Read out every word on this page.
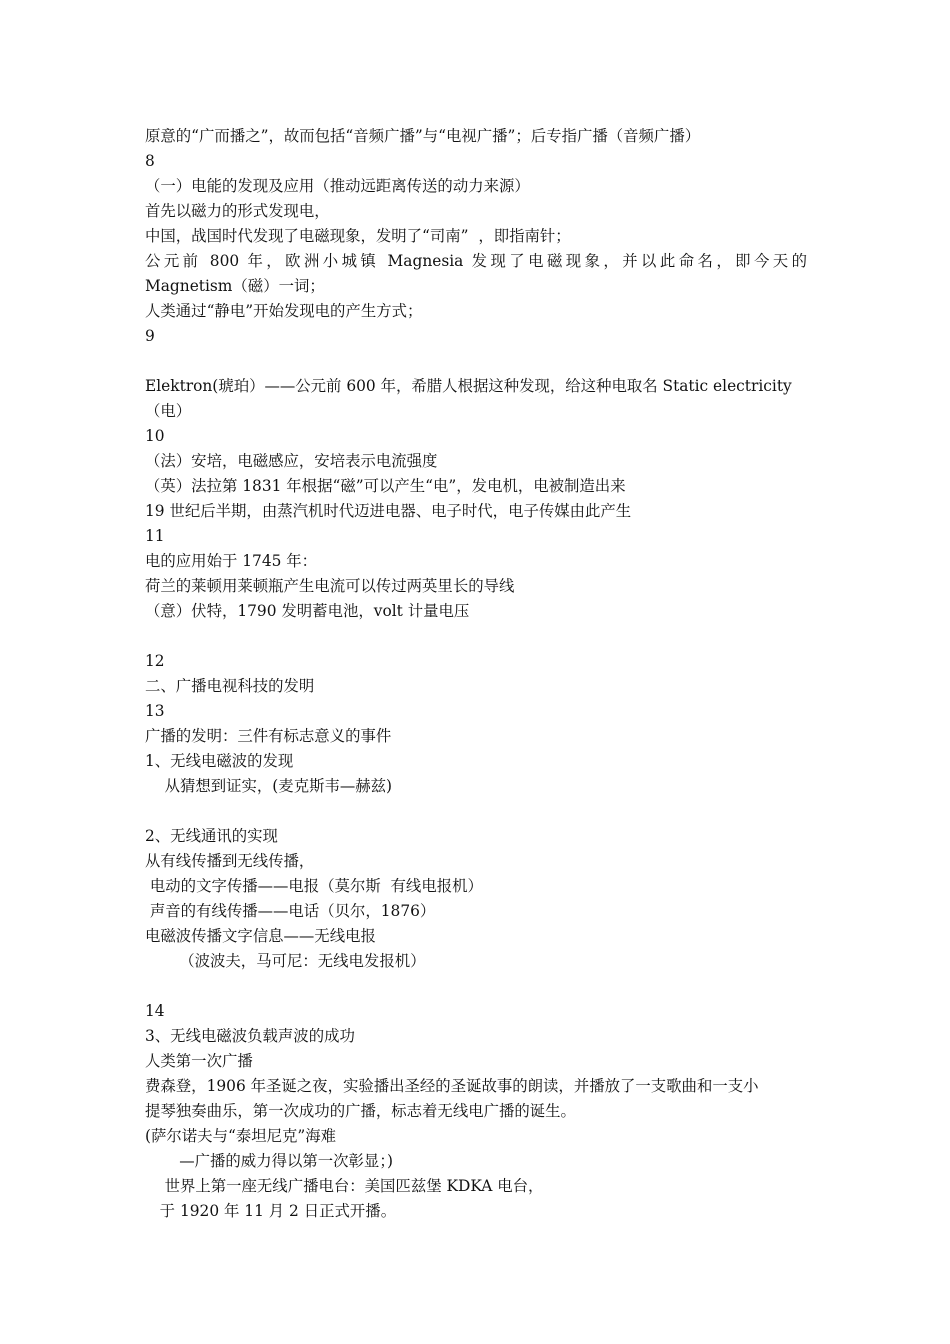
原意的“广而播之”，故而包括“音频广播”与“电视广播”；后专指广播（音频广播）
8
（一）电能的发现及应用（推动远距离传送的动力来源）
首先以磁力的形式发现电，
中国，战国时代发现了电磁现象，发明了“司南”  ，即指南针；
公元前 800 年，欧洲小城镇 Magnesia 发现了电磁现象，并以此命名，即今天的
Magnetism（磁）一词；
人类通过“静电”开始发现电的产生方式；
9
Elektron(琥珀）——公元前 600 年，希腊人根据这种发现，给这种电取名 Static electricity
（电）
10
（法）安培，电磁感应，安培表示电流强度
（英）法拉第 1831 年根据“磁”可以产生“电”，发电机，电被制造出来
19 世纪后半期，由蒸汽机时代迈进电器、电子时代，电子传媒由此产生
11
电的应用始于 1745 年：
荷兰的莱顿用莱顿瓶产生电流可以传过两英里长的导线
（意）伏特，1790 发明蓄电池，volt 计量电压
12
二、广播电视科技的发明
13
广播的发明：三件有标志意义的事件
1、无线电磁波的发现
从猜想到证实，(麦克斯韦—赫兹)
2、无线通讯的实现
从有线传播到无线传播，
电动的文字传播——电报（莫尔斯  有线电报机）
声音的有线传播——电话（贝尔，1876）
电磁波传播文字信息——无线电报
（波波夫，马可尼：无线电发报机）
14
3、无线电磁波负载声波的成功
人类第一次广播
费森登，1906 年圣诞之夜，实验播出圣经的圣诞故事的朗读，并播放了一支歌曲和一支小
提琴独奏曲乐，第一次成功的广播，标志着无线电广播的诞生。
(萨尔诺夫与“泰坦尼克”海难
—广播的威力得以第一次彰显；)
世界上第一座无线广播电台：美国匹兹堡 KDKA 电台，
于 1920 年 11 月 2 日正式开播。
